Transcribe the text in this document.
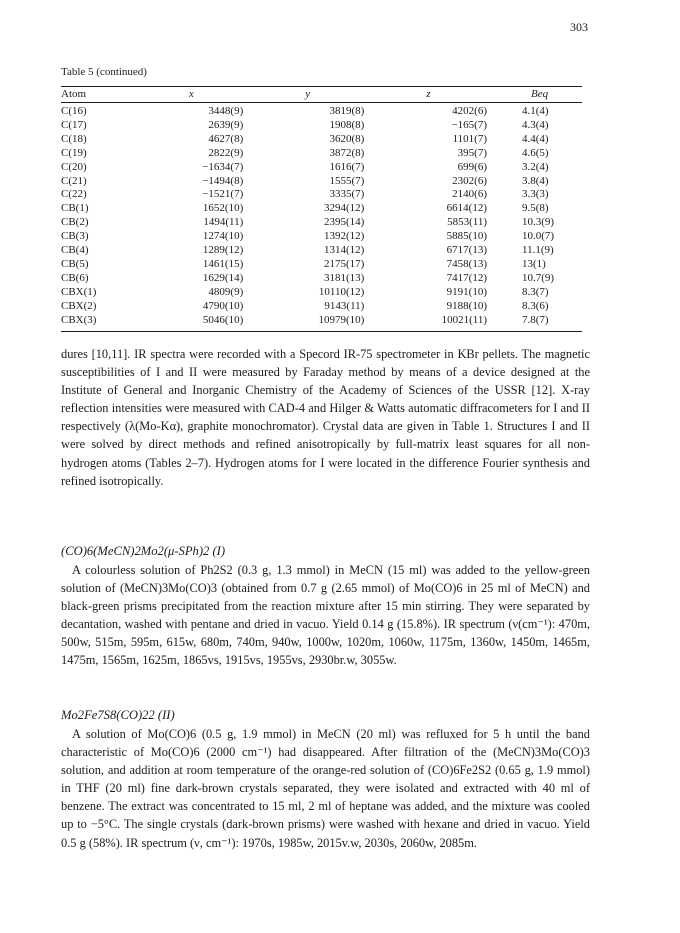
303
Table 5 (continued)
Atom	x	y	z	Beq
C(16)	3448(9)	3819(8)	4202(6)	4.1(4)
C(17)	2639(9)	1908(8)	−165(7)	4.3(4)
C(18)	4627(8)	3620(8)	1101(7)	4.4(4)
C(19)	2822(9)	3872(8)	395(7)	4.6(5)
C(20)	−1634(7)	1616(7)	699(6)	3.2(4)
C(21)	−1494(8)	1555(7)	2302(6)	3.8(4)
C(22)	−1521(7)	3335(7)	2140(6)	3.3(3)
CB(1)	1652(10)	3294(12)	6614(12)	9.5(8)
CB(2)	1494(11)	2395(14)	5853(11)	10.3(9)
CB(3)	1274(10)	1392(12)	5885(10)	10.0(7)
CB(4)	1289(12)	1314(12)	6717(13)	11.1(9)
CB(5)	1461(15)	2175(17)	7458(13)	13(1)
CB(6)	1629(14)	3181(13)	7417(12)	10.7(9)
CBX(1)	4809(9)	10110(12)	9191(10)	8.3(7)
CBX(2)	4790(10)	9143(11)	9188(10)	8.3(6)
CBX(3)	5046(10)	10979(10)	10021(11)	7.8(7)

dures [10,11]. IR spectra were recorded with a Specord IR-75 spectrometer in KBr pellets. The magnetic susceptibilities of I and II were measured by Faraday method by means of a device designed at the Institute of General and Inorganic Chemistry of the Academy of Sciences of the USSR [12]. X-ray reflection intensities were measured with CAD-4 and Hilger & Watts automatic diffracometers for I and II respectively (λ(Mo-Kα), graphite monochromator). Crystal data are given in Table 1. Structures I and II were solved by direct methods and refined anisotropically by full-matrix least squares for all non-hydrogen atoms (Tables 2–7). Hydrogen atoms for I were located in the difference Fourier synthesis and refined isotropically.

(CO)6(MeCN)2Mo2(μ-SPh)2 (I)

A colourless solution of Ph2S2 (0.3 g, 1.3 mmol) in MeCN (15 ml) was added to the yellow-green solution of (MeCN)3Mo(CO)3 (obtained from 0.7 g (2.65 mmol) of Mo(CO)6 in 25 ml of MeCN) and black-green prisms precipitated from the reaction mixture after 15 min stirring. They were separated by decantation, washed with pentane and dried in vacuo. Yield 0.14 g (15.8%). IR spectrum (ν(cm⁻¹): 470m, 500w, 515m, 595m, 615w, 680m, 740m, 940w, 1000w, 1020m, 1060w, 1175m, 1360w, 1450m, 1465m, 1475m, 1565m, 1625m, 1865vs, 1915vs, 1955vs, 2930br.w, 3055w.

Mo2Fe7S8(CO)22 (II)

A solution of Mo(CO)6 (0.5 g, 1.9 mmol) in MeCN (20 ml) was refluxed for 5 h until the band characteristic of Mo(CO)6 (2000 cm⁻¹) had disappeared. After filtration of the (MeCN)3Mo(CO)3 solution, and addition at room temperature of the orange-red solution of (CO)6Fe2S2 (0.65 g, 1.9 mmol) in THF (20 ml) fine dark-brown crystals separated, they were isolated and extracted with 40 ml of benzene. The extract was concentrated to 15 ml, 2 ml of heptane was added, and the mixture was cooled up to −5°C. The single crystals (dark-brown prisms) were washed with hexane and dried in vacuo. Yield 0.5 g (58%). IR spectrum (ν, cm⁻¹): 1970s, 1985w, 2015v.w, 2030s, 2060w, 2085m.
